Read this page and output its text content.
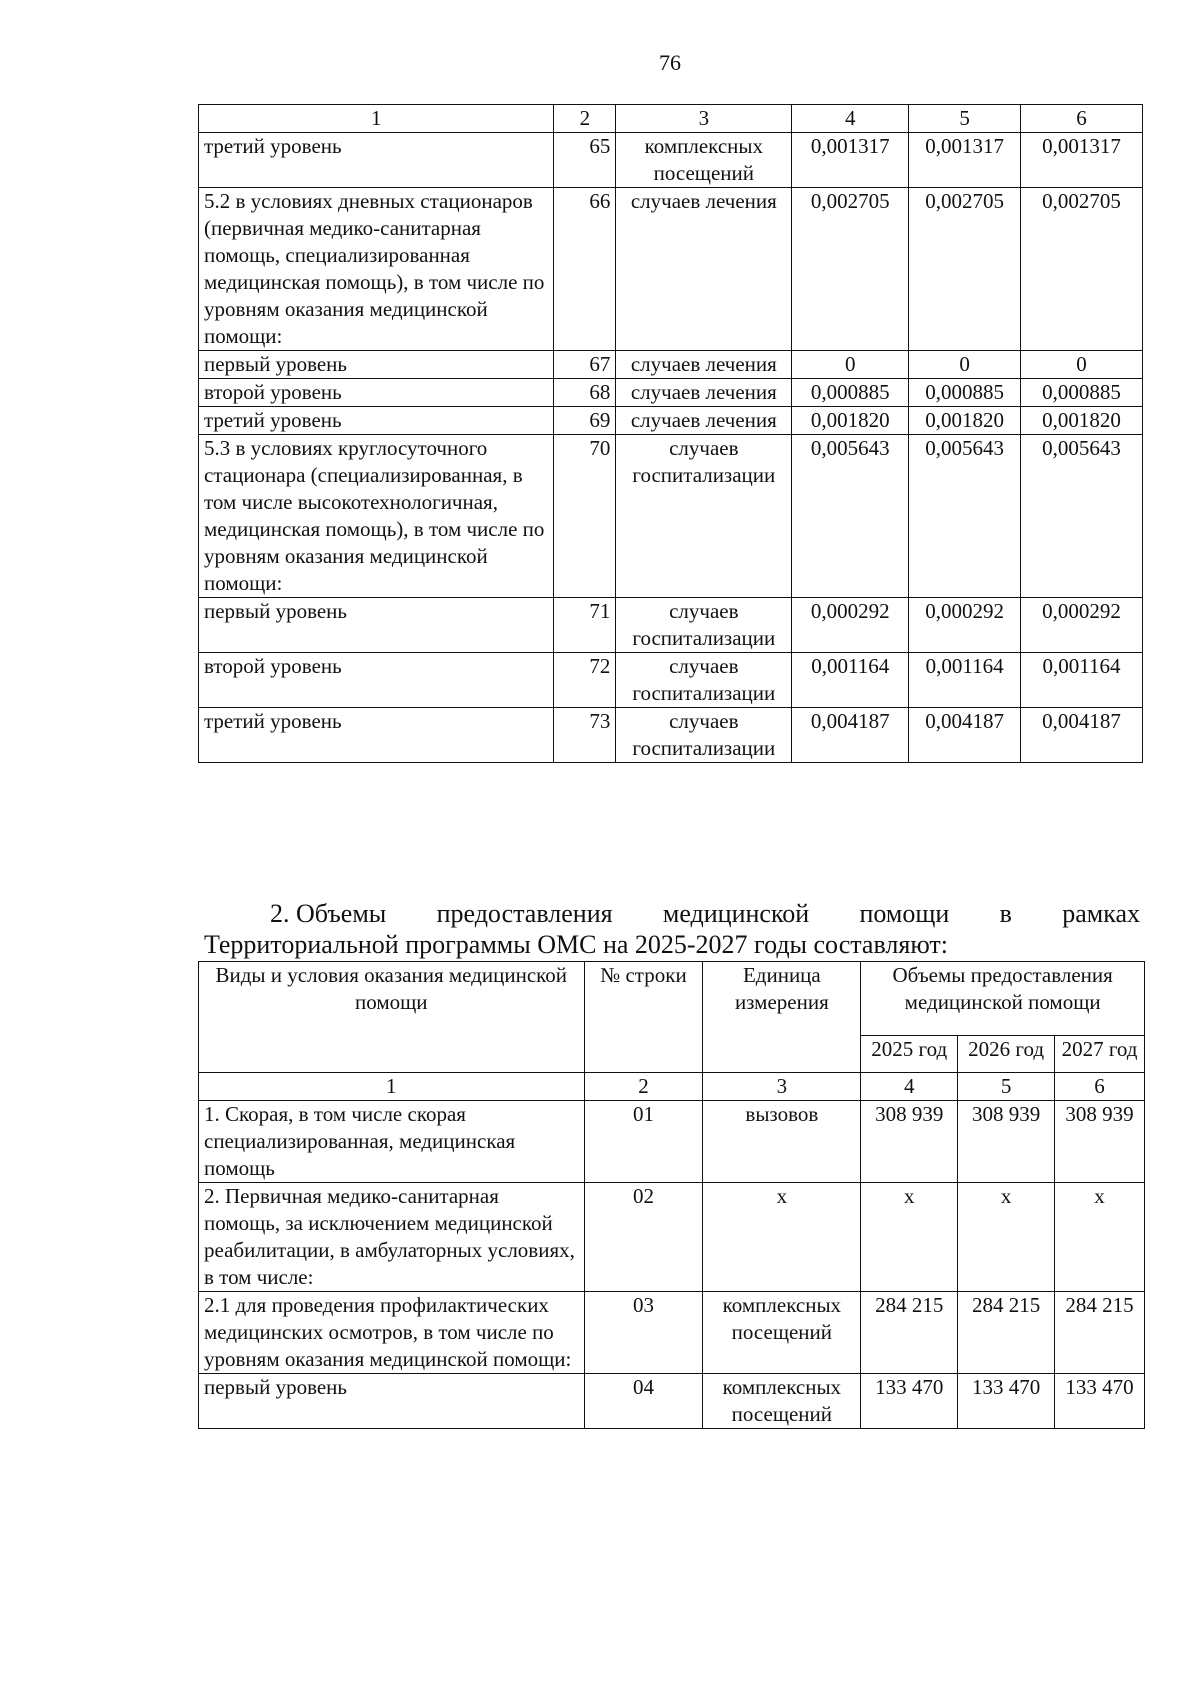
76
1	2	3	4	5	6
третий уровень	65	комплексных посещений	0,001317	0,001317	0,001317
5.2 в условиях дневных стационаров (первичная медико-санитарная помощь, специализированная медицинская помощь), в том числе по уровням оказания медицинской помощи:	66	случаев лечения	0,002705	0,002705	0,002705
первый уровень	67	случаев лечения	0	0	0
второй уровень	68	случаев лечения	0,000885	0,000885	0,000885
третий уровень	69	случаев лечения	0,001820	0,001820	0,001820
5.3 в условиях круглосуточного стационара (специализированная, в том числе высокотехнологичная, медицинская помощь), в том числе по уровням оказания медицинской помощи:	70	случаев госпитализации	0,005643	0,005643	0,005643
первый уровень	71	случаев госпитализации	0,000292	0,000292	0,000292
второй уровень	72	случаев госпитализации	0,001164	0,001164	0,001164
третий уровень	73	случаев госпитализации	0,004187	0,004187	0,004187
2. Объемы предоставления медицинской помощи в рамках
Территориальной программы ОМС на 2025-2027 годы составляют:
Виды и условия оказания медицинской помощи	№ строки	Единица измерения	Объемы предоставления медицинской помощи		
			2025 год	2026 год	2027 год
1	2	3	4	5	6
1. Скорая, в том числе скорая специализированная, медицинская помощь	01	вызовов	308 939	308 939	308 939
2. Первичная медико-санитарная помощь, за исключением медицинской реабилитации, в амбулаторных условиях, в том числе:	02	х	х	х	х
2.1 для проведения профилактических медицинских осмотров, в том числе по уровням оказания медицинской помощи:	03	комплексных посещений	284 215	284 215	284 215
первый уровень	04	комплексных посещений	133 470	133 470	133 470
